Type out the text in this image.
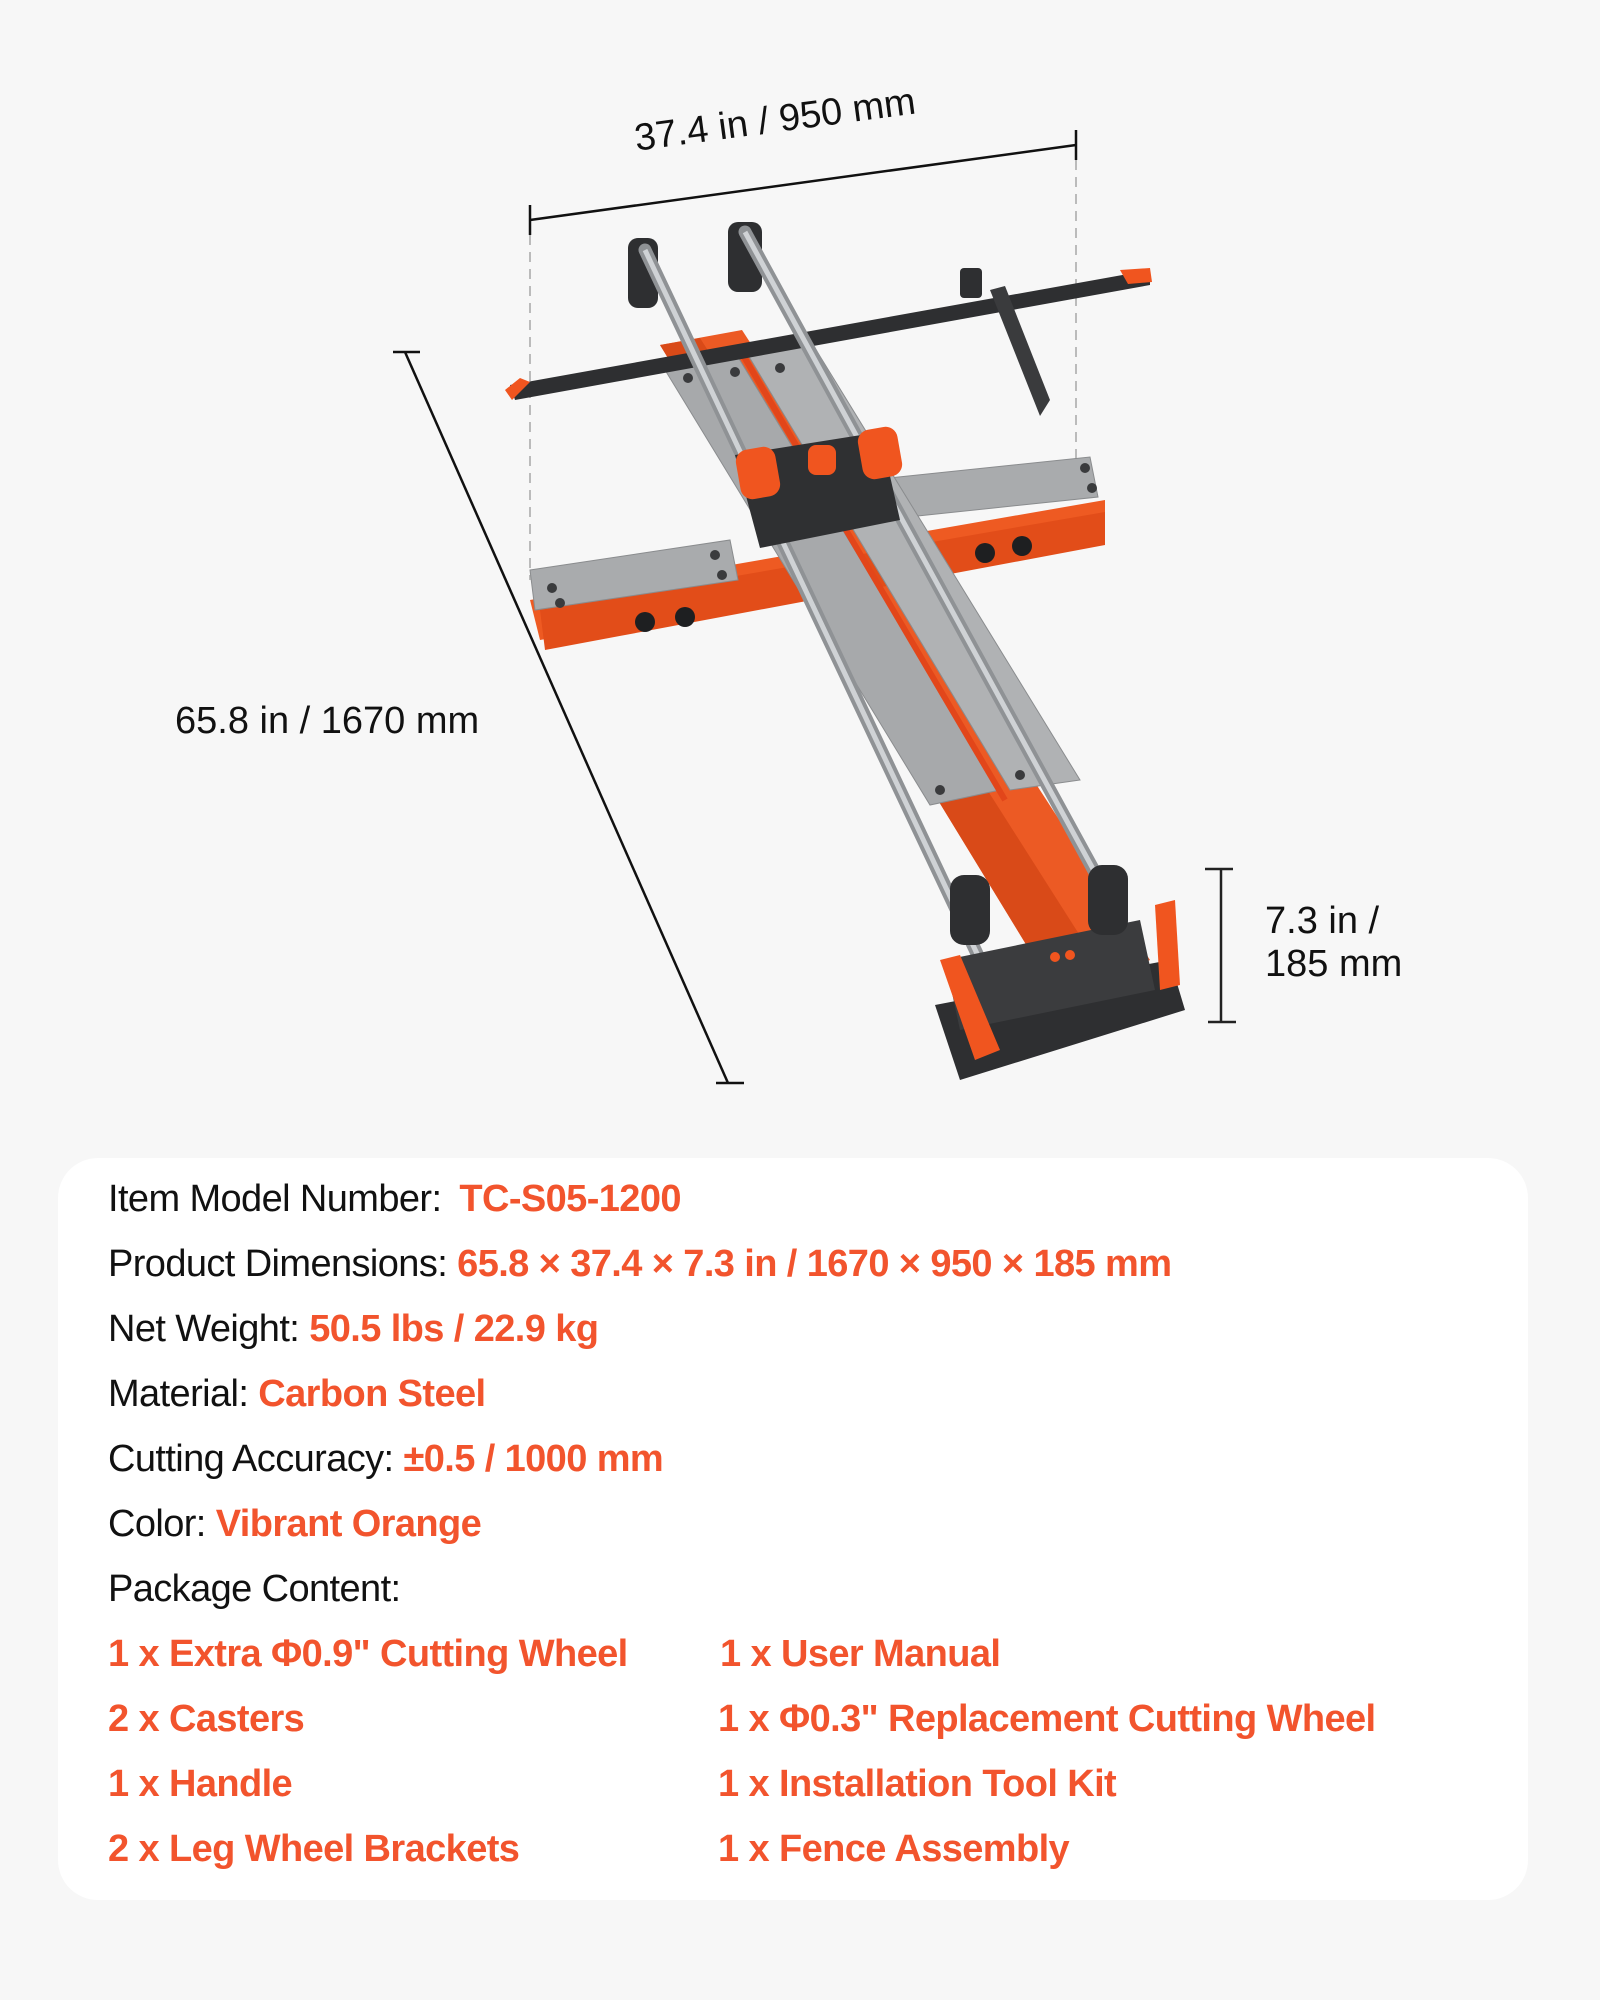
37.4 in / 950 mm
65.8 in / 1670 mm
7.3 in /
185 mm
Item Model Number: TC-S05-1200
Product Dimensions: 65.8 × 37.4 × 7.3 in / 1670 × 950 × 185 mm
Net Weight: 50.5 lbs / 22.9 kg
Material: Carbon Steel
Cutting Accuracy: ±0.5 / 1000 mm
Color: Vibrant Orange
Package Content:
1 x Extra Φ0.9" Cutting Wheel 1 x User Manual
2 x Casters	1 x Φ0.3" Replacement Cutting Wheel
1 x Handle	1 x Installation Tool Kit
2 x Leg Wheel Brackets	1 x Fence Assembly
